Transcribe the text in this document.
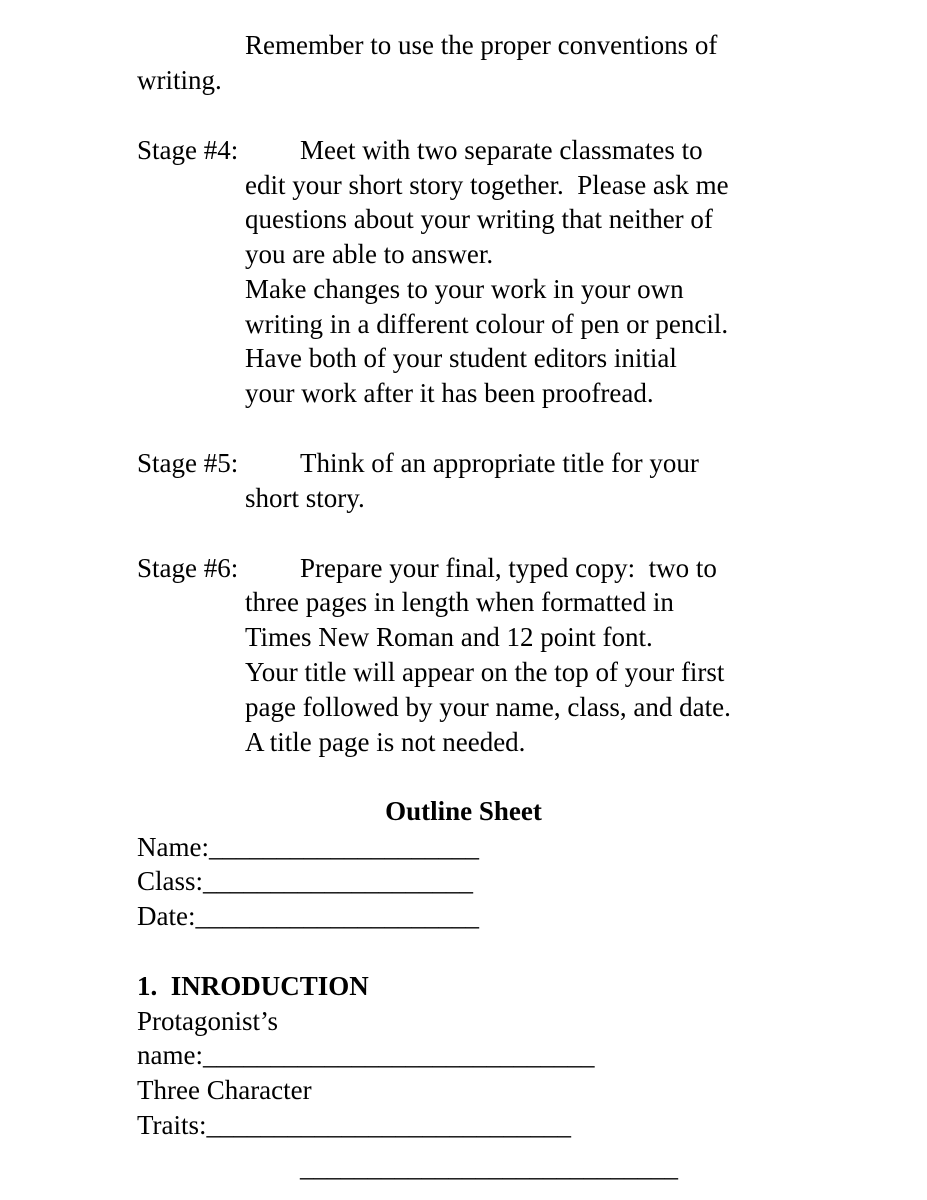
Remember to use the proper conventions of
writing.
Stage #4: Meet with two separate classmates to
edit your short story together.  Please ask me
questions about your writing that neither of
you are able to answer.
Make changes to your work in your own
writing in a different colour of pen or pencil.
Have both of your student editors initial
your work after it has been proofread.
Stage #5: Think of an appropriate title for your
short story.
Stage #6: Prepare your final, typed copy:  two to
three pages in length when formatted in
Times New Roman and 12 point font.
Your title will appear on the top of your first
page followed by your name, class, and date.
A title page is not needed.
Outline Sheet
Name:____________________
Class:____________________
Date:_____________________
1.  INRODUCTION
Protagonist’s
name:_____________________________
Three Character
Traits:___________________________
____________________________
